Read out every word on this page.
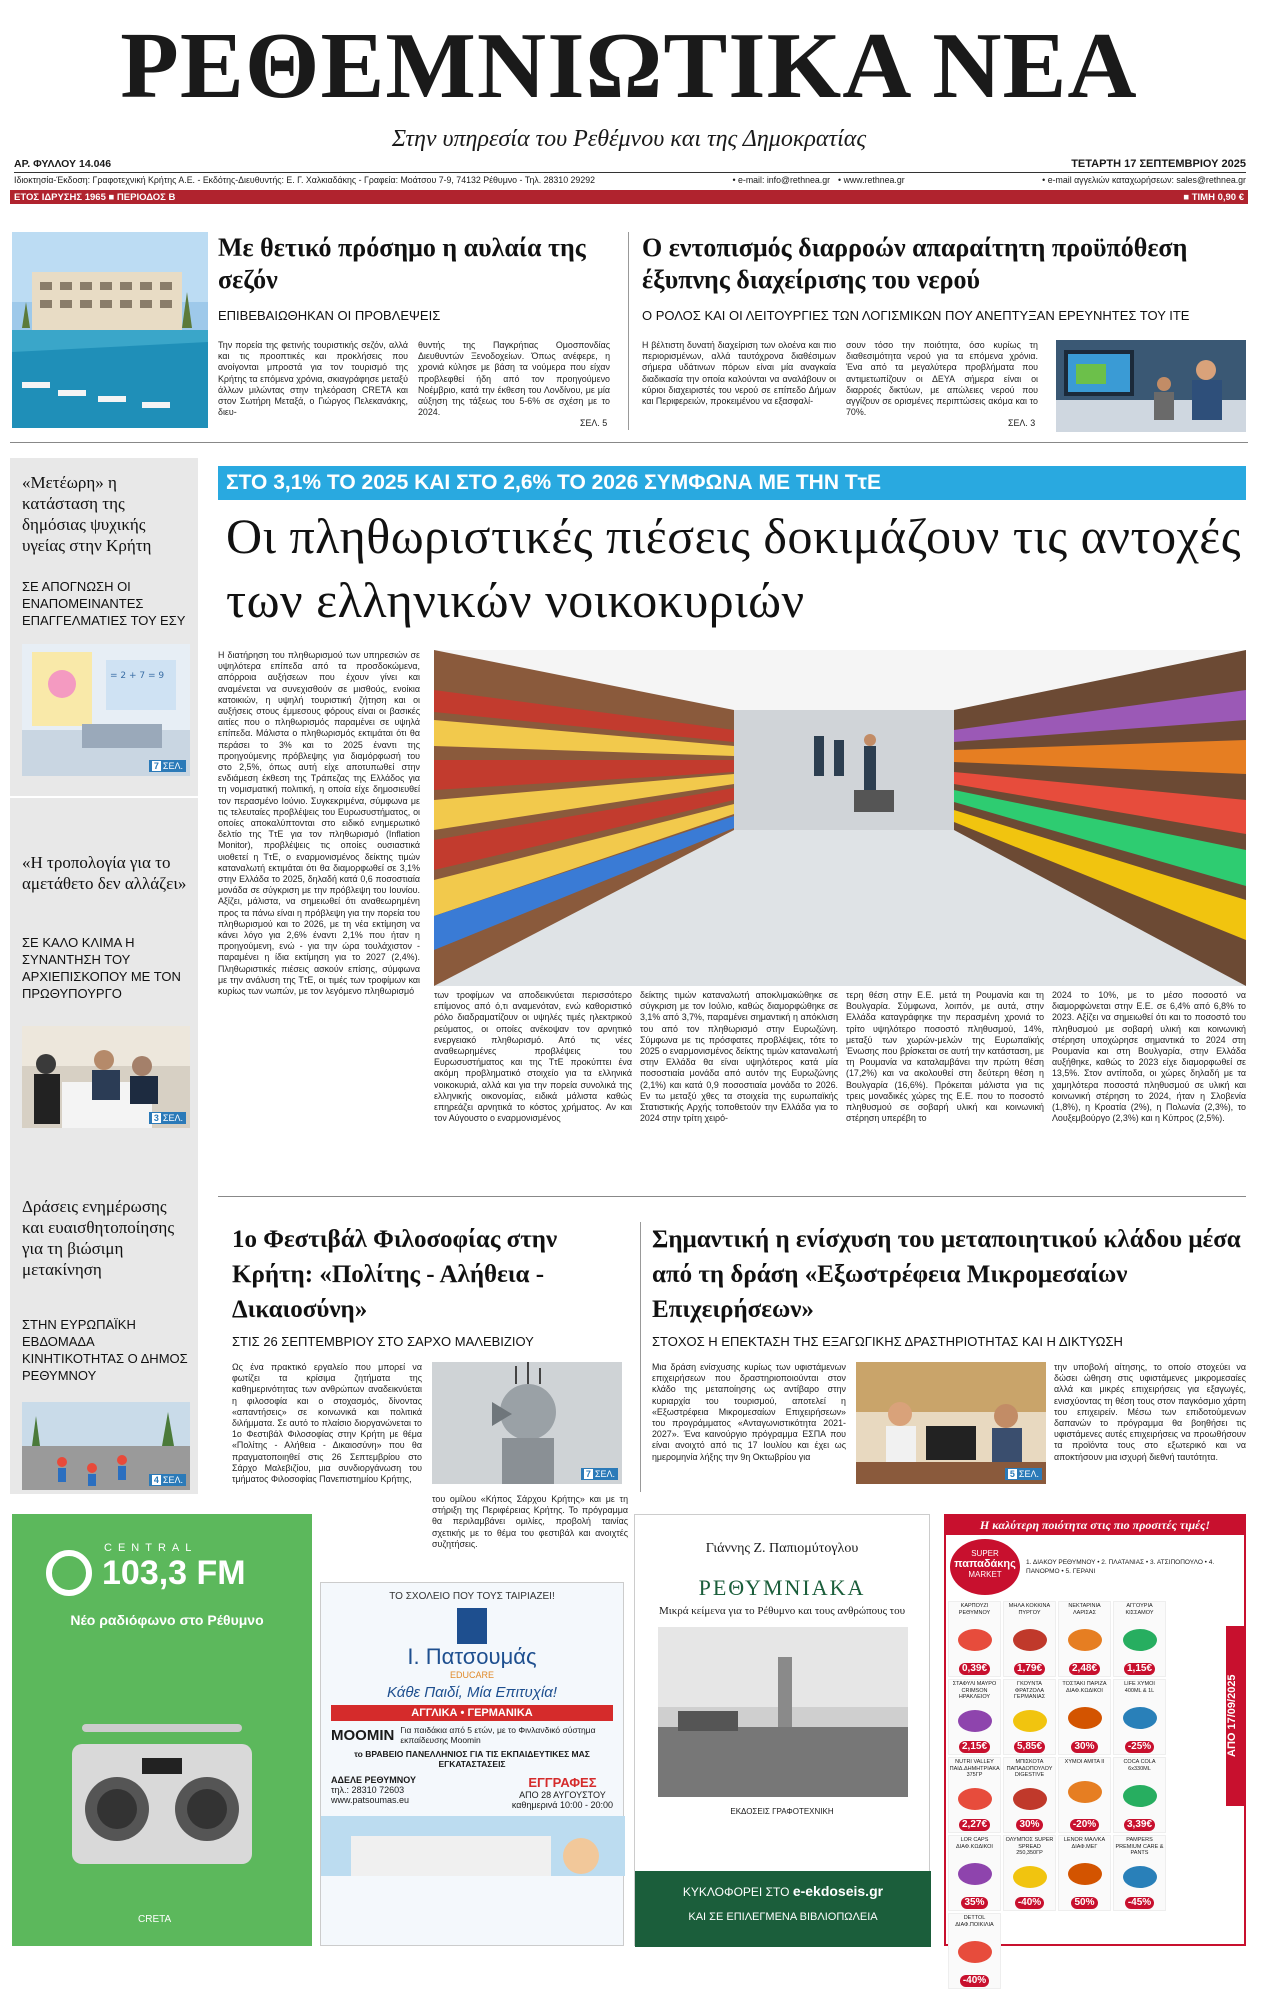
ΡΕΘΕΜΝΙΩΤΙΚΑ ΝΕΑ
Στην υπηρεσία του Ρεθέμνου και της Δημοκρατίας
ΑΡ. ΦΥΛΛΟΥ 14.046	ΤΕΤΑΡΤΗ 17 ΣΕΠΤΕΜΒΡΙΟΥ 2025
Ιδιοκτησία-Έκδοση: Γραφοτεχνική Κρήτης Α.Ε. - Εκδότης-Διευθυντής: Ε. Γ. Χαλκιαδάκης - Γραφεία: Μοάτσου 7-9, 74132 Ρέθυμνο - Τηλ. 28310 29292	• e-mail: info@rethnea.gr • www.rethnea.gr	• e-mail αγγελιών καταχωρήσεων: sales@rethnea.gr
ΕΤΟΣ ΙΔΡΥΣΗΣ 1965 ■ ΠΕΡΙΟΔΟΣ Β	■ ΤΙΜΗ 0,90 €
Με θετικό πρόσημο η αυλαία της σεζόν
ΕΠΙΒΕΒΑΙΩΘΗΚΑΝ ΟΙ ΠΡΟΒΛΕΨΕΙΣ
Την πορεία της φετινής τουριστικής σεζόν, αλλά και τις προοπτικές και προκλήσεις που ανοίγονται μπροστά για τον τουρισμό της Κρήτης τα επόμενα χρόνια, σκιαγράφησε μεταξύ άλλων μιλώντας στην τηλεόραση CRETA και στον Σωτήρη Μεταξά, ο Γιώργος Πελεκανάκης, διευ-
θυντής της Παγκρήτιας Ομοσπονδίας Διευθυντών Ξενοδοχείων. Όπως ανέφερε, η χρονιά κύλησε με βάση τα νούμερα που είχαν προβλεφθεί ήδη από τον προηγούμενο Νοέμβριο, κατά την έκθεση του Λονδίνου, με μία αύξηση της τάξεως του 5-6% σε σχέση με το 2024.
ΣΕΛ. 5
Ο εντοπισμός διαρροών απαραίτητη προϋπόθεση έξυπνης διαχείρισης του νερού
Ο ΡΟΛΟΣ ΚΑΙ ΟΙ ΛΕΙΤΟΥΡΓΙΕΣ ΤΩΝ ΛΟΓΙΣΜΙΚΩΝ ΠΟΥ ΑΝΕΠΤΥΞΑΝ ΕΡΕΥΝΗΤΕΣ ΤΟΥ ΙΤΕ
Η βέλτιστη δυνατή διαχείριση των ολοένα και πιο περιορισμένων, αλλά ταυτόχρονα διαθέσιμων σήμερα υδάτινων πόρων είναι μία αναγκαία διαδικασία την οποία καλούνται να αναλάβουν οι κύριοι διαχειριστές του νερού σε επίπεδο Δήμων και Περιφερειών, προκειμένου να εξασφαλί-
σουν τόσο την ποιότητα, όσο κυρίως τη διαθεσιμότητα νερού για τα επόμενα χρόνια. Ένα από τα μεγαλύτερα προβλήματα που αντιμετωπίζουν οι ΔΕΥΑ σήμερα είναι οι διαρροές δικτύων, με απώλειες νερού που αγγίζουν σε ορισμένες περιπτώσεις ακόμα και το 70%.
ΣΕΛ. 3
«Μετέωρη» η κατάσταση της δημόσιας ψυχικής υγείας στην Κρήτη
ΣΕ ΑΠΟΓΝΩΣΗ ΟΙ ΕΝΑΠΟΜΕΙΝΑΝΤΕΣ ΕΠΑΓΓΕΛΜΑΤΙΕΣ ΤΟΥ ΕΣΥ
= 2 + 7 = 9
7 ΣΕΛ.
«Η τροπολογία για το αμετάθετο δεν αλλάζει»
ΣΕ ΚΑΛΟ ΚΛΙΜΑ Η ΣΥΝΑΝΤΗΣΗ ΤΟΥ ΑΡΧΙΕΠΙΣΚΟΠΟΥ ΜΕ ΤΟΝ ΠΡΩΘΥΠΟΥΡΓΟ
3 ΣΕΛ.
Δράσεις ενημέρωσης και ευαισθητοποίησης για τη βιώσιμη μετακίνηση
ΣΤΗΝ ΕΥΡΩΠΑΪΚΗ ΕΒΔΟΜΑΔΑ ΚΙΝΗΤΙΚΟΤΗΤΑΣ Ο ΔΗΜΟΣ ΡΕΘΥΜΝΟΥ
4 ΣΕΛ.
ΣΤΟ 3,1% ΤΟ 2025 ΚΑΙ ΣΤΟ 2,6% ΤΟ 2026 ΣΥΜΦΩΝΑ ΜΕ ΤΗΝ ΤτΕ
Οι πληθωριστικές πιέσεις δοκιμάζουν τις αντοχές των ελληνικών νοικοκυριών
Η διατήρηση του πληθωρισμού των υπηρεσιών σε υψηλότερα επίπεδα από τα προσδοκώμενα, απόρροια αυξήσεων που έχουν γίνει και αναμένεται να συνεχισθούν σε μισθούς, ενοίκια κατοικιών, η υψηλή τουριστική ζήτηση και οι αυξήσεις στους έμμεσους φόρους είναι οι βασικές αιτίες που ο πληθωρισμός παραμένει σε υψηλά επίπεδα. Μάλιστα ο πληθωρισμός εκτιμάται ότι θα περάσει το 3% και το 2025 έναντι της προηγούμενης πρόβλεψης για διαμόρφωσή του στο 2,5%, όπως αυτή είχε αποτυπωθεί στην ενδιάμεση έκθεση της Τράπεζας της Ελλάδος για τη νομισματική πολιτική, η οποία είχε δημοσιευθεί τον περασμένο Ιούνιο. Συγκεκριμένα, σύμφωνα με τις τελευταίες προβλέψεις του Ευρωσυστήματος, οι οποίες αποκαλύπτονται στο ειδικό ενημερωτικό δελτίο της ΤτΕ για τον πληθωρισμό (Inflation Monitor), προβλέψεις τις οποίες ουσιαστικά υιοθετεί η ΤτΕ, ο εναρμονισμένος δείκτης τιμών καταναλωτή εκτιμάται ότι θα διαμορφωθεί σε 3,1% στην Ελλάδα το 2025, δηλαδή κατά 0,6 ποσοστιαία μονάδα σε σύγκριση με την πρόβλεψη του Ιουνίου. Αξίζει, μάλιστα, να σημειωθεί ότι αναθεωρημένη προς τα πάνω είναι η πρόβλεψη για την πορεία του πληθωρισμού και το 2026, με τη νέα εκτίμηση να κάνει λόγο για 2,6% έναντι 2,1% που ήταν η προηγούμενη, ενώ - για την ώρα τουλάχιστον - παραμένει η ίδια εκτίμηση για το 2027 (2,4%). Πληθωριστικές πιέσεις ασκούν επίσης, σύμφωνα με την ανάλυση της ΤτΕ, οι τιμές των τροφίμων και κυρίως των νωπών, με τον λεγόμενο πληθωρισμό	των τροφίμων να αποδεικνύεται περισσότερο επίμονος από ό,τι αναμενόταν, ενώ καθοριστικό ρόλο διαδραματίζουν οι υψηλές τιμές ηλεκτρικού ρεύματος, οι οποίες ανέκοψαν τον αρνητικό ενεργειακό πληθωρισμό. Από τις νέες αναθεωρημένες προβλέψεις του Ευρωσυστήματος και της ΤτΕ προκύπτει ένα ακόμη προβληματικό στοιχείο για τα ελληνικά νοικοκυριά, αλλά και για την πορεία συνολικά της ελληνικής οικονομίας, ειδικά μάλιστα καθώς επηρεάζει αρνητικά το κόστος χρήματος. Αν και τον Αύγουστο ο εναρμονισμένος
δείκτης τιμών καταναλωτή αποκλιμακώθηκε σε σύγκριση με τον Ιούλιο, καθώς διαμορφώθηκε σε 3,1% από 3,7%, παραμένει σημαντική η απόκλιση του από τον πληθωρισμό στην Ευρωζώνη. Σύμφωνα με τις πρόσφατες προβλέψεις, τότε το 2025 ο εναρμονισμένος δείκτης τιμών καταναλωτή στην Ελλάδα θα είναι υψηλότερος κατά μία ποσοστιαία μονάδα από αυτόν της Ευρωζώνης (2,1%) και κατά 0,9 ποσοστιαία μονάδα το 2026. Εν τω μεταξύ χθες τα στοιχεία της ευρωπαϊκής Στατιστικής Αρχής τοποθετούν την Ελλάδα για το 2024 στην τρίτη χειρό-
τερη θέση στην Ε.Ε. μετά τη Ρουμανία και τη Βουλγαρία. Σύμφωνα, λοιπόν, με αυτά, στην Ελλάδα καταγράφηκε την περασμένη χρονιά το τρίτο υψηλότερο ποσοστό πληθυσμού, 14%, μεταξύ των χωρών-μελών της Ευρωπαϊκής Ένωσης που βρίσκεται σε αυτή την κατάσταση, με τη Ρουμανία να καταλαμβάνει την πρώτη θέση (17,2%) και να ακολουθεί στη δεύτερη θέση η Βουλγαρία (16,6%). Πρόκειται μάλιστα για τις τρεις μοναδικές χώρες της Ε.Ε. που το ποσοστό πληθυσμού σε σοβαρή υλική και κοινωνική στέρηση υπερέβη το
2024 το 10%, με το μέσο ποσοστό να διαμορφώνεται στην Ε.Ε. σε 6,4% από 6,8% το 2023. Αξίζει να σημειωθεί ότι και το ποσοστό του πληθυσμού με σοβαρή υλική και κοινωνική στέρηση υποχώρησε σημαντικά το 2024 στη Ρουμανία και στη Βουλγαρία, στην Ελλάδα αυξήθηκε, καθώς το 2023 είχε διαμορφωθεί σε 13,5%. Στον αντίποδα, οι χώρες δηλαδή με τα χαμηλότερα ποσοστά πληθυσμού σε υλική και κοινωνική στέρηση το 2024, ήταν η Σλοβενία (1,8%), η Κροατία (2%), η Πολωνία (2,3%), το Λουξεμβούργο (2,3%) και η Κύπρος (2,5%).
1ο Φεστιβάλ Φιλοσοφίας στην Κρήτη: «Πολίτης - Αλήθεια - Δικαιοσύνη»
ΣΤΙΣ 26 ΣΕΠΤΕΜΒΡΙΟΥ ΣΤΟ ΣΑΡΧΟ ΜΑΛΕΒΙΖΙΟΥ
Ως ένα πρακτικό εργαλείο που μπορεί να φωτίζει τα κρίσιμα ζητήματα της καθημερινότητας των ανθρώπων αναδεικνύεται η φιλοσοφία και ο στοχασμός, δίνοντας «απαντήσεις» σε κοινωνικά και πολιτικά διλήμματα. Σε αυτό το πλαίσιο διοργανώνεται το 1ο Φεστιβάλ Φιλοσοφίας στην Κρήτη με θέμα «Πολίτης - Αλήθεια - Δικαιοσύνη» που θα πραγματοποιηθεί στις 26 Σεπτεμβρίου στο Σάρχο Μαλεβιζίου, μια συνδιοργάνωση του τμήματος Φιλοσοφίας Πανεπιστημίου Κρήτης,
7 ΣΕΛ.
του ομίλου «Κήπος Σάρχου Κρήτης» και με τη στήριξη της Περιφέρειας Κρήτης. Το πρόγραμμα θα περιλαμβάνει ομιλίες, προβολή ταινίας σχετικής με το θέμα του φεστιβάλ και ανοιχτές συζητήσεις.
Σημαντική η ενίσχυση του μεταποιητικού κλάδου μέσα από τη δράση «Εξωστρέφεια Μικρομεσαίων Επιχειρήσεων»
ΣΤΟΧΟΣ Η ΕΠΕΚΤΑΣΗ ΤΗΣ ΕΞΑΓΩΓΙΚΗΣ ΔΡΑΣΤΗΡΙΟΤΗΤΑΣ ΚΑΙ Η ΔΙΚΤΥΩΣΗ
Μια δράση ενίσχυσης κυρίως των υφιστάμενων επιχειρήσεων που δραστηριοποιούνται στον κλάδο της μεταποίησης ως αντίβαρο στην κυριαρχία του τουρισμού, αποτελεί η «Εξωστρέφεια Μικρομεσαίων Επιχειρήσεων» του προγράμματος «Ανταγωνιστικότητα 2021-2027». Ένα καινούργιο πρόγραμμα ΕΣΠΑ που είναι ανοιχτό από τις 17 Ιουλίου και έχει ως ημερομηνία λήξης την 9η Οκτωβρίου για
5 ΣΕΛ.
την υποβολή αίτησης, το οποίο στοχεύει να δώσει ώθηση στις υφιστάμενες μικρομεσαίες αλλά και μικρές επιχειρήσεις για εξαγωγές, ενισχύοντας τη θέση τους στον παγκόσμιο χάρτη του επιχειρείν. Μέσω των επιδοτούμενων δαπανών το πρόγραμμα θα βοηθήσει τις υφιστάμενες αυτές επιχειρήσεις να προωθήσουν τα προϊόντα τους στο εξωτερικό και να αποκτήσουν μια ισχυρή διεθνή ταυτότητα.
CENTRAL
103,3 FM
Νέο ραδιόφωνο στο Ρέθυμνο
CRETA
ΤΟ ΣΧΟΛΕΙΟ ΠΟΥ ΤΟΥΣ ΤΑΙΡΙΑΖΕΙ!
Ι. Πατσουμάς
EDUCARE
Κάθε Παιδί, Μία Επιτυχία!
ΑΓΓΛΙΚΑ • ΓΕΡΜΑΝΙΚΑ
MOOMIN Για παιδάκια από 5 ετών, με το Φινλανδικό σύστημα εκπαίδευσης Moomin
το ΒΡΑΒΕΙΟ ΠΑΝΕΛΛΗΝΙΟΣ ΓΙΑ ΤΙΣ ΕΚΠΑΙΔΕΥΤΙΚΕΣ ΜΑΣ ΕΓΚΑΤΑΣΤΑΣΕΙΣ
ΑΔΕΛΕ ΡΕΘΥΜΝΟΥ
τηλ.: 28310 72603
www.patsoumas.eu
ΕΓΓΡΑΦΕΣ
ΑΠΟ 28 ΑΥΓΟΥΣΤΟΥ
καθημερινά 10:00 - 20:00
Γιάννης Ζ. Παπιομύτογλου
ΡΕΘΥΜΝΙΑΚΑ
Μικρά κείμενα για το Ρέθυμνο και τους ανθρώπους του
ΕΚΔΟΣΕΙΣ ΓΡΑΦΟΤΕΧΝΙΚΗ
ΚΥΚΛΟΦΟΡΕΙ ΣΤΟ e-ekdoseis.gr
ΚΑΙ ΣΕ ΕΠΙΛΕΓΜΕΝΑ ΒΙΒΛΙΟΠΩΛΕΙΑ
Η καλύτερη ποιότητα στις πιο προσιτές τιμές!
SUPER
παπαδάκης
MARKET
1. ΔΙΑΚΟΥ ΡΕΘΥΜΝΟΥ • 2. ΠΛΑΤΑΝΙΑΣ • 3. ΑΤΣΙΠΟΠΟΥΛΟ • 4. ΠΑΝΟΡΜΟ • 5. ΓΕΡΑΝΙ
ΚΑΡΠΟΥΖΙ ΡΕΘΥΜΝΟΥ
0,39€
ΜΗΛΑ ΚΟΚΚΙΝΑ ΠΥΡΓΟΥ
1,79€
ΝΕΚΤΑΡΙΝΙΑ ΛΑΡΙΣΑΣ
2,48€
ΑΓΓΟΥΡΙΑ ΚΙΣΣΑΜΟΥ
1,15€
ΣΤΑΦΥΛΙ ΜΑΥΡΟ CRIMSON ΗΡΑΚΛΕΙΟΥ
2,15€
ΓΚΟΥΝΤΑ ΦΡΑΤΖΟΛΑ ΓΕΡΜΑΝΙΑΣ
5,85€
ΤΟΣΤΑΚΙ ΠΑΡΙΖΑ ΔΙΑΦ.ΚΩΔΙΚΟΙ
30%
LIFE ΧΥΜΟΙ 400ML & 1L
-25%
NUTRI VALLEY ΠΑΙΔ.ΔΗΜΗΤΡΙΑΚΑ 375ΓΡ
2,27€
ΜΠΙΣΚΟΤΑ ΠΑΠΑΔΟΠΟΥΛΟΥ DIGESTIVE
30%
ΧΥΜΟΙ ΑΜΙΤΑ ΙΙ
-20%
COCA COLA 6x330ML
3,39€
LOR CAPS ΔΙΑΦ.ΚΩΔΙΚΟΙ
35%
ΟΛΥΜΠΟΣ SUPER SPREAD 250,350ΓΡ
-40%
LENOR ΜΑΛ/ΚΑ ΔΙΑΦ.ΜΕΓ
50%
PAMPERS PREMIUM CARE & PANTS
-45%
DETTOL ΔΙΑΦ.ΠΟΙΚΙΛΙΑ
-40%
ΑΠΟ 17/09/2025
